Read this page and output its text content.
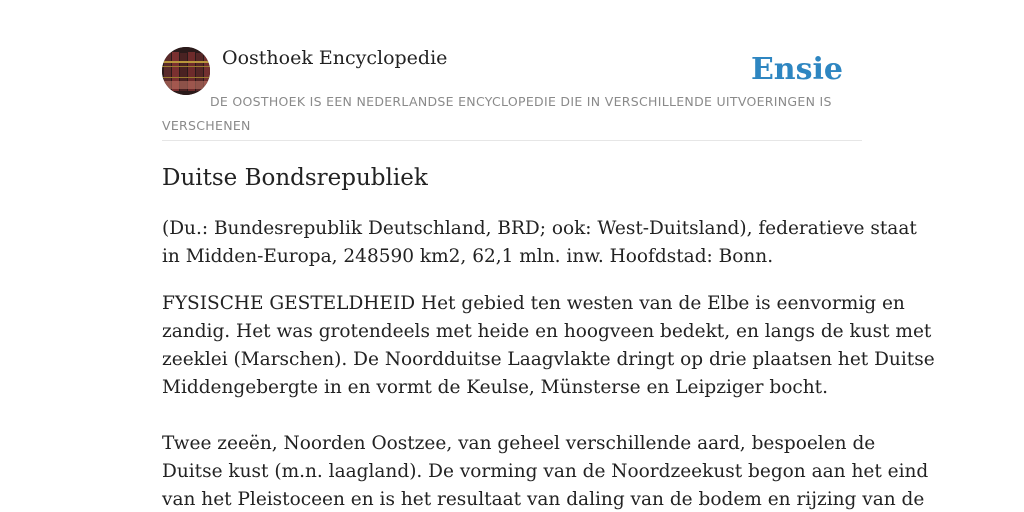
Oosthoek Encyclopedie	Ensie
DE OOSTHOEK IS EEN NEDERLANDSE ENCYCLOPEDIE DIE IN VERSCHILLENDE UITVOERINGEN IS VERSCHENEN
Duitse Bondsrepubliek
(Du.: Bundesrepublik Deutschland, BRD; ook: West-Duitsland), federatieve staat
in Midden-Europa, 248590 km2, 62,1 mln. inw. Hoofdstad: Bonn.
FYSISCHE GESTELDHEID Het gebied ten westen van de Elbe is eenvormig en
zandig. Het was grotendeels met heide en hoogveen bedekt, en langs de kust met
zeeklei (Marschen). De Noordduitse Laagvlakte dringt op drie plaatsen het Duitse
Middengebergte in en vormt de Keulse, Münsterse en Leipziger bocht.
Twee zeeën, Noorden Oostzee, van geheel verschillende aard, bespoelen de
Duitse kust (m.n. laagland). De vorming van de Noordzeekust begon aan het eind
van het Pleistoceen en is het resultaat van daling van de bodem en rijzing van de
